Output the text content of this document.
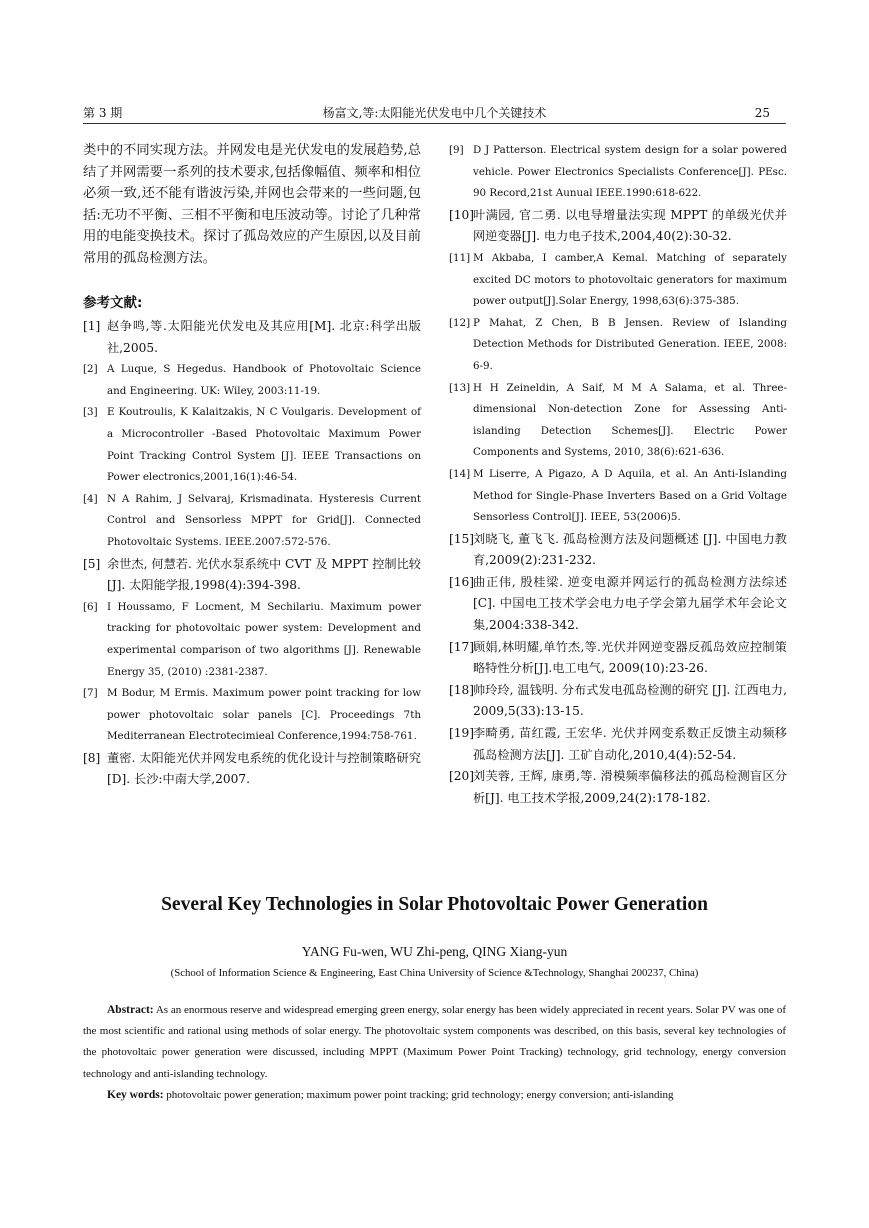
第 3 期	杨富文,等:太阳能光伏发电中几个关键技术	25

类中的不同实现方法。并网发电是光伏发电的发展趋势,总结了并网需要一系列的技术要求,包括像幅值、频率和相位必须一致,还不能有谐波污染,并网也会带来的一些问题,包括:无功不平衡、三相不平衡和电压波动等。讨论了几种常用的电能变换技术。探讨了孤岛效应的产生原因,以及目前常用的孤岛检测方法。

参考文献:

[1] 赵争鸣,等.太阳能光伏发电及其应用[M]. 北京:科学出版社,2005.
[2] A Luque, S Hegedus. Handbook of Photovoltaic Science and Engineering. UK: Wiley, 2003:11-19.
[3] E Koutroulis, K Kalaitzakis, N C Voulgaris. Development of a Microcontroller -Based Photovoltaic Maximum Power Point Tracking Control System [J]. IEEE Transactions on Power electronics,2001,16(1):46-54.
[4] N A Rahim, J Selvaraj, Krismadinata. Hysteresis Current Control and Sensorless MPPT for Grid[J]. Connected Photovoltaic Systems. IEEE.2007:572-576.
[5] 余世杰, 何慧若. 光伏水泵系统中 CVT 及 MPPT 控制比较[J]. 太阳能学报,1998(4):394-398.
[6] I Houssamo, F Locment, M Sechilariu. Maximum power tracking for photovoltaic power system: Development and experimental comparison of two algorithms [J]. Renewable Energy 35, (2010) :2381-2387.
[7] M Bodur, M Ermis. Maximum power point tracking for low power photovoltaic solar panels [C]. Proceedings 7th Mediterranean Electrotecimieal Conference,1994:758-761.
[8] 董密. 太阳能光伏并网发电系统的优化设计与控制策略研究[D]. 长沙:中南大学,2007.
[9] D J Patterson. Electrical system design for a solar powered vehicle. Power Electronics Specialists Conference[J]. PEsc. 90 Record,21st Aunual IEEE.1990:618-622.
[10]
叶满园, 官二勇. 以电导增量法实现 MPPT 的单级光伏并网逆变器[J]. 电力电子技术,2004,40(2):30-32.
[11] M Akbaba, I camber,A Kemal. Matching of separately excited DC motors to photovoltaic generators for maximum power output[J].Solar Energy, 1998,63(6):375-385.
[12] P Mahat, Z Chen, B B Jensen. Review of Islanding Detection Methods for Distributed Generation. IEEE, 2008: 6-9.
[13] H H Zeineldin, A Saif, M M A Salama, et al. Three-dimensional Non-detection Zone for Assessing Anti-islanding Detection Schemes[J]. Electric Power Components and Systems, 2010, 38(6):621-636.
[14] M Liserre, A Pigazo, A D Aquila, et al. An Anti-Islanding Method for Single-Phase Inverters Based on a Grid Voltage Sensorless Control[J]. IEEE, 53(2006)5.
[15]
刘晓飞, 董飞飞. 孤岛检测方法及问题概述 [J]. 中国电力教育,2009(2):231-232.
[16]
曲正伟, 殷桂梁. 逆变电源并网运行的孤岛检测方法综述 [C]. 中国电工技术学会电力电子学会第九届学术年会论文集,2004:338-342.
[17]
顾娟,林明耀,单竹杰,等.光伏并网逆变器反孤岛效应控制策略特性分析[J].电工电气, 2009(10):23-26.
[18]
帅玲玲, 温钱明. 分布式发电孤岛检测的研究 [J]. 江西电力, 2009,5(33):13-15.
[19]
李畸勇, 苗红霞, 王宏华. 光伏并网变系数正反馈主动频移孤岛检测方法[J]. 工矿自动化,2010,4(4):52-54.
[20]
刘芙蓉, 王辉, 康勇,等. 滑模频率偏移法的孤岛检测盲区分析[J]. 电工技术学报,2009,24(2):178-182.

Several Key Technologies in Solar Photovoltaic Power Generation

YANG Fu-wen, WU Zhi-peng, QING Xiang-yun

(School of Information Science & Engineering, East China University of Science &Technology, Shanghai 200237, China)

Abstract: As an enormous reserve and widespread emerging green energy, solar energy has been widely appreciated in recent years. Solar PV was one of the most scientific and rational using methods of solar energy. The photovoltaic system components was described, on this basis, several key technologies of the photovoltaic power generation were discussed, including MPPT (Maximum Power Point Tracking) technology, grid technology, energy conversion technology and anti-islanding technology.

Key words: photovoltaic power generation; maximum power point tracking; grid technology; energy conversion; anti-islanding
